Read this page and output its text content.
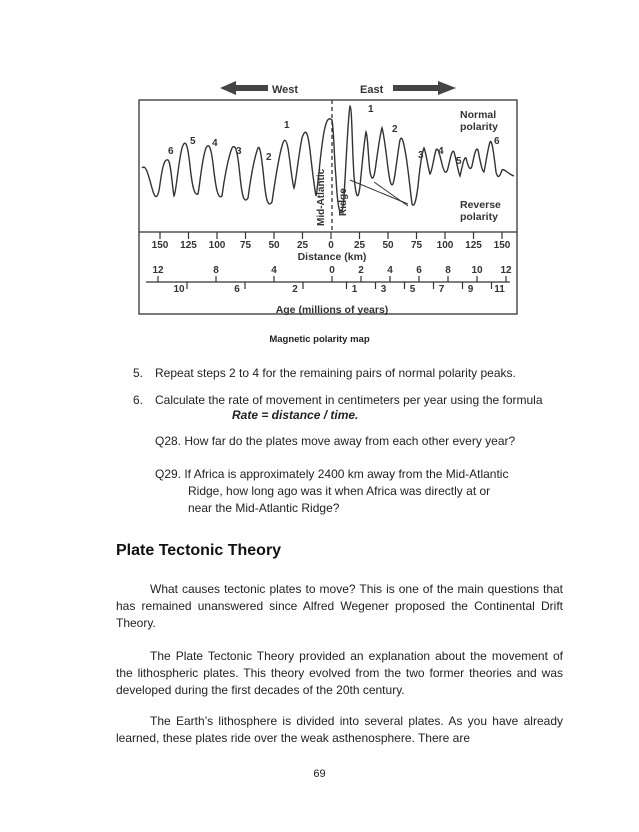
West	East
Mid-Atlantic Ridge
Normal
polarity
Reverse
polarity
6
5 4
3
2
1
1
2
3 4
5
6
150 125 100 75 50 25 0 25 50 75 100 125 150
Distance (km)
12	8	4	0 2 4 6 8 10 12
10	6	2	1 3 5 7 9 11
Age (millions of years)
Magnetic polarity map
5. Repeat steps 2 to 4 for the remaining pairs of normal polarity peaks.
6. Calculate the rate of movement in centimeters per year using the formula
Rate = distance / time.
Q28. How far do the plates move away from each other every year?
Q29. If Africa is approximately 2400 km away from the Mid-Atlantic
Ridge, how long ago was it when Africa was directly at or
near the Mid-Atlantic Ridge?
Plate Tectonic Theory
What causes tectonic plates to move? This is one of the main questions that has remained unanswered since Alfred Wegener proposed the Continental Drift Theory.
The Plate Tectonic Theory provided an explanation about the movement of the lithospheric plates. This theory evolved from the two former theories and was developed during the first decades of the 20th century.
The Earth’s lithosphere is divided into several plates. As you have already learned, these plates ride over the weak asthenosphere. There are
69
